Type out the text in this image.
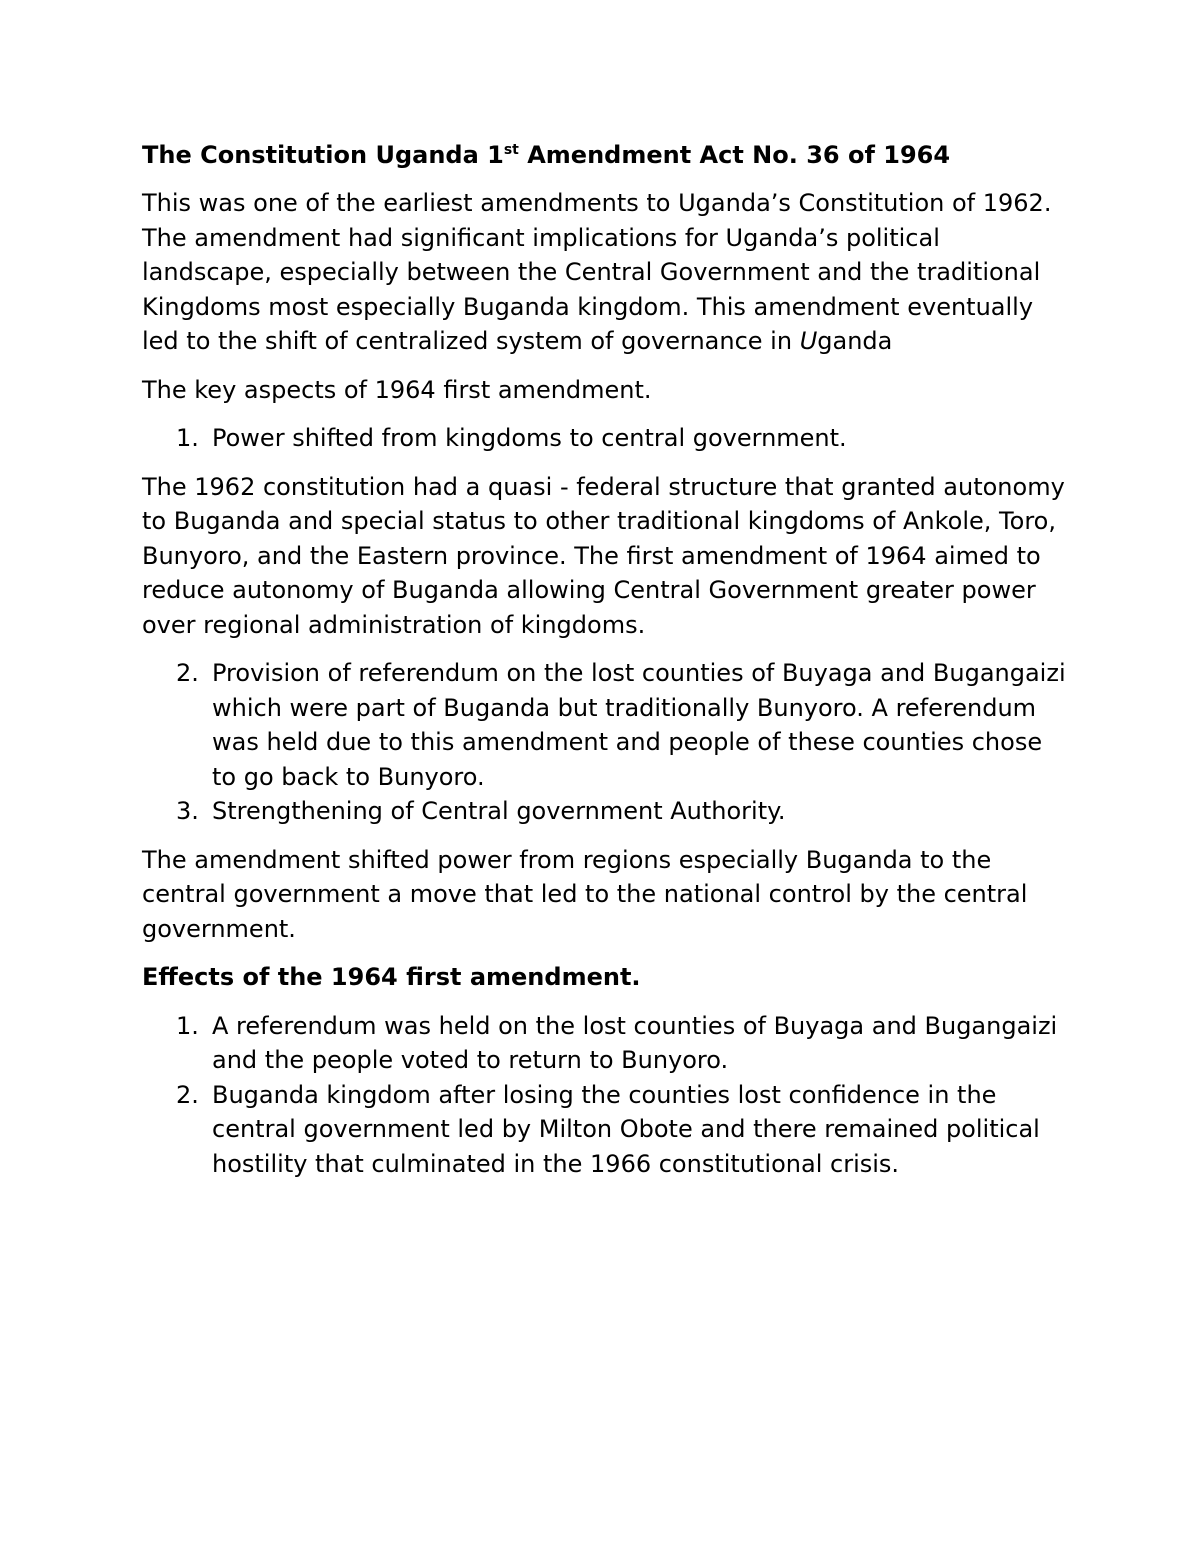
The Constitution Uganda 1st Amendment Act No. 36 of 1964

This was one of the earliest amendments to Uganda’s Constitution of 1962. The amendment had significant implications for Uganda’s political landscape, especially between the Central Government and the traditional Kingdoms most especially Buganda kingdom. This amendment eventually led to the shift of centralized system of governance in Uganda

The key aspects of 1964 first amendment.

1. Power shifted from kingdoms to central government.

The 1962 constitution had a quasi - federal structure that granted autonomy to Buganda and special status to other traditional kingdoms of Ankole, Toro, Bunyoro, and the Eastern province. The first amendment of 1964 aimed to reduce autonomy of Buganda allowing Central Government greater power over regional administration of kingdoms.

2. Provision of referendum on the lost counties of Buyaga and Bugangaizi which were part of Buganda but traditionally Bunyoro. A referendum was held due to this amendment and people of these counties chose to go back to Bunyoro.
3. Strengthening of Central government Authority.

The amendment shifted power from regions especially Buganda to the central government a move that led to the national control by the central government.

Effects of the 1964 first amendment.
1. A referendum was held on the lost counties of Buyaga and Bugangaizi and the people voted to return to Bunyoro.
2. Buganda kingdom after losing the counties lost confidence in the central government led by Milton Obote and there remained political hostility that culminated in the 1966 constitutional crisis.
